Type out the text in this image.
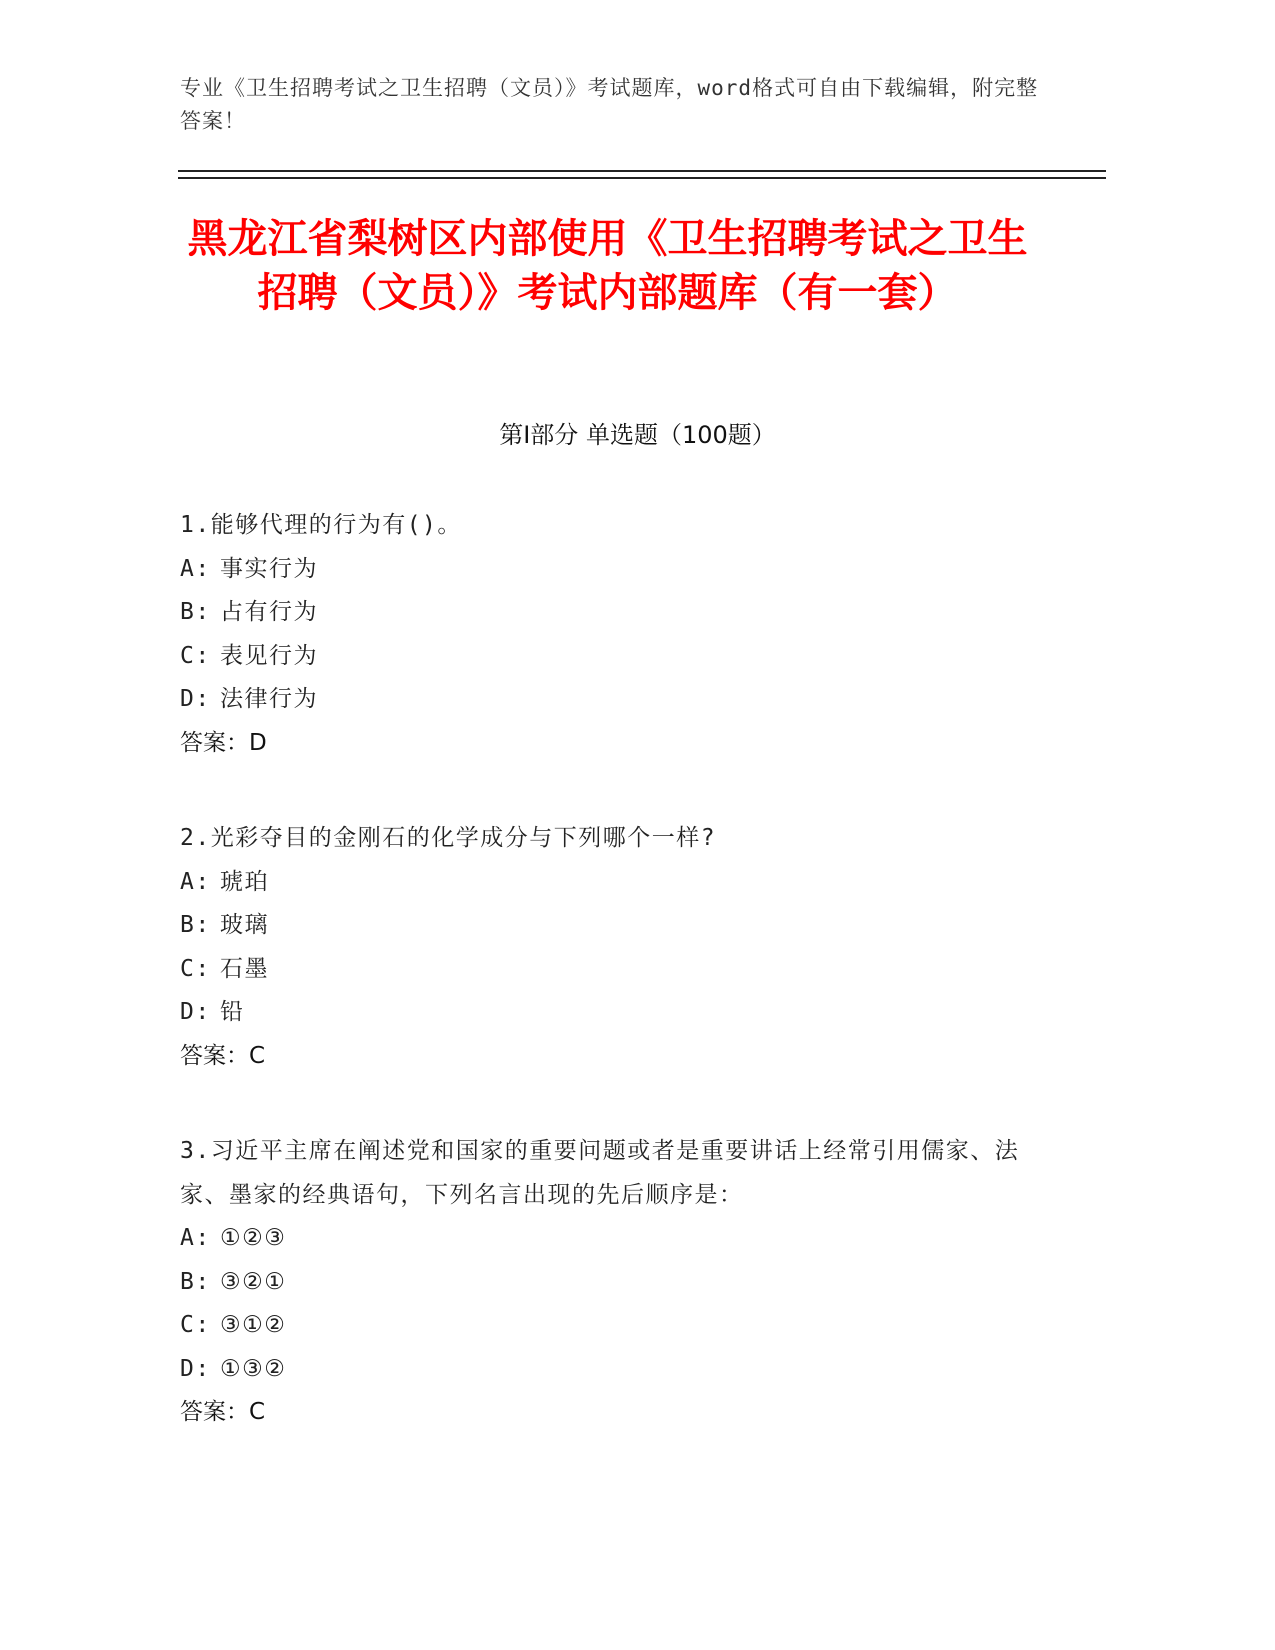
专业《卫生招聘考试之卫生招聘（文员）》考试题库，word格式可自由下载编辑，附完整答案！
黑龙江省梨树区内部使用《卫生招聘考试之卫生招聘（文员）》考试内部题库（有一套）
第I部分 单选题（100题）
1.能够代理的行为有()。
A: 事实行为
B: 占有行为
C: 表见行为
D: 法律行为
答案：D
2.光彩夺目的金刚石的化学成分与下列哪个一样?
A: 琥珀
B: 玻璃
C: 石墨
D: 铅
答案：C
3.习近平主席在阐述党和国家的重要问题或者是重要讲话上经常引用儒家、法家、墨家的经典语句，下列名言出现的先后顺序是：
A: ①②③
B: ③②①
C: ③①②
D: ①③②
答案：C
